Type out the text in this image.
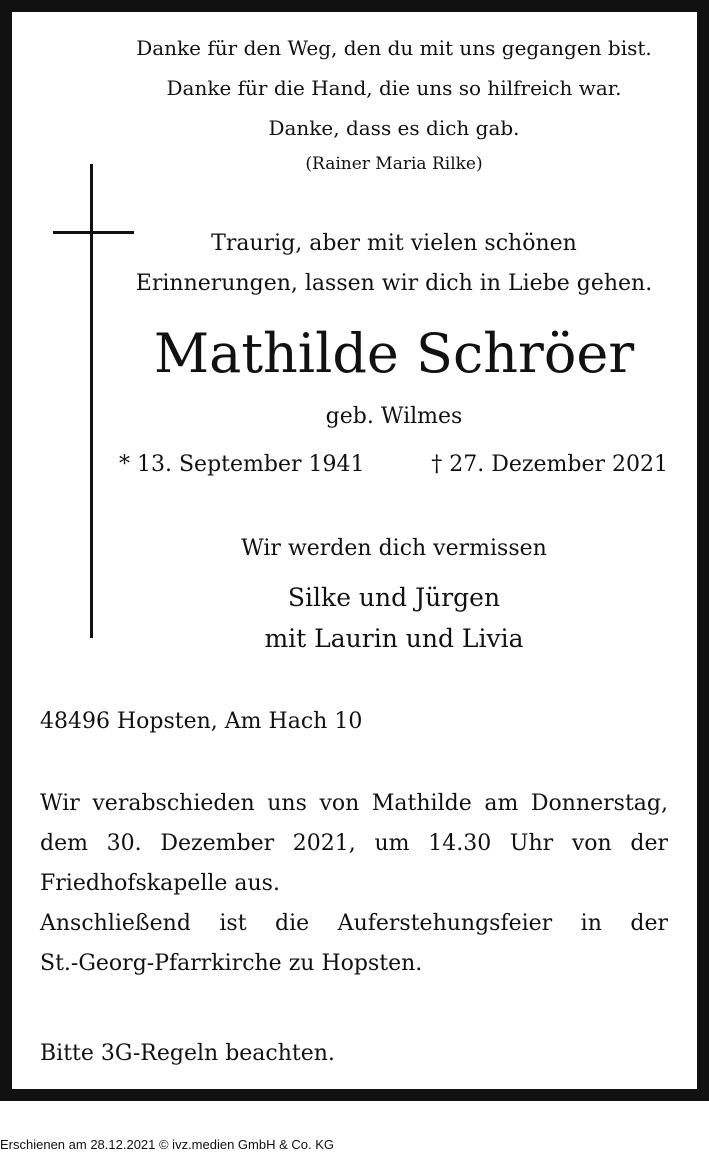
Danke für den Weg, den du mit uns gegangen bist.
Danke für die Hand, die uns so hilfreich war.
Danke, dass es dich gab.
(Rainer Maria Rilke)
Traurig, aber mit vielen schönen
Erinnerungen, lassen wir dich in Liebe gehen.
Mathilde Schröer
geb. Wilmes
* 13. September 1941	† 27. Dezember 2021
Wir werden dich vermissen
Silke und Jürgen
mit Laurin und Livia
48496 Hopsten, Am Hach 10
Wir verabschieden uns von Mathilde am Donnerstag,
dem 30. Dezember 2021, um 14.30 Uhr von der
Friedhofskapelle aus.
Anschließend ist die Auferstehungsfeier in der
St.-Georg-Pfarrkirche zu Hopsten.
Bitte 3G-Regeln beachten.
Erschienen am 28.12.2021 © ivz.medien GmbH & Co. KG
